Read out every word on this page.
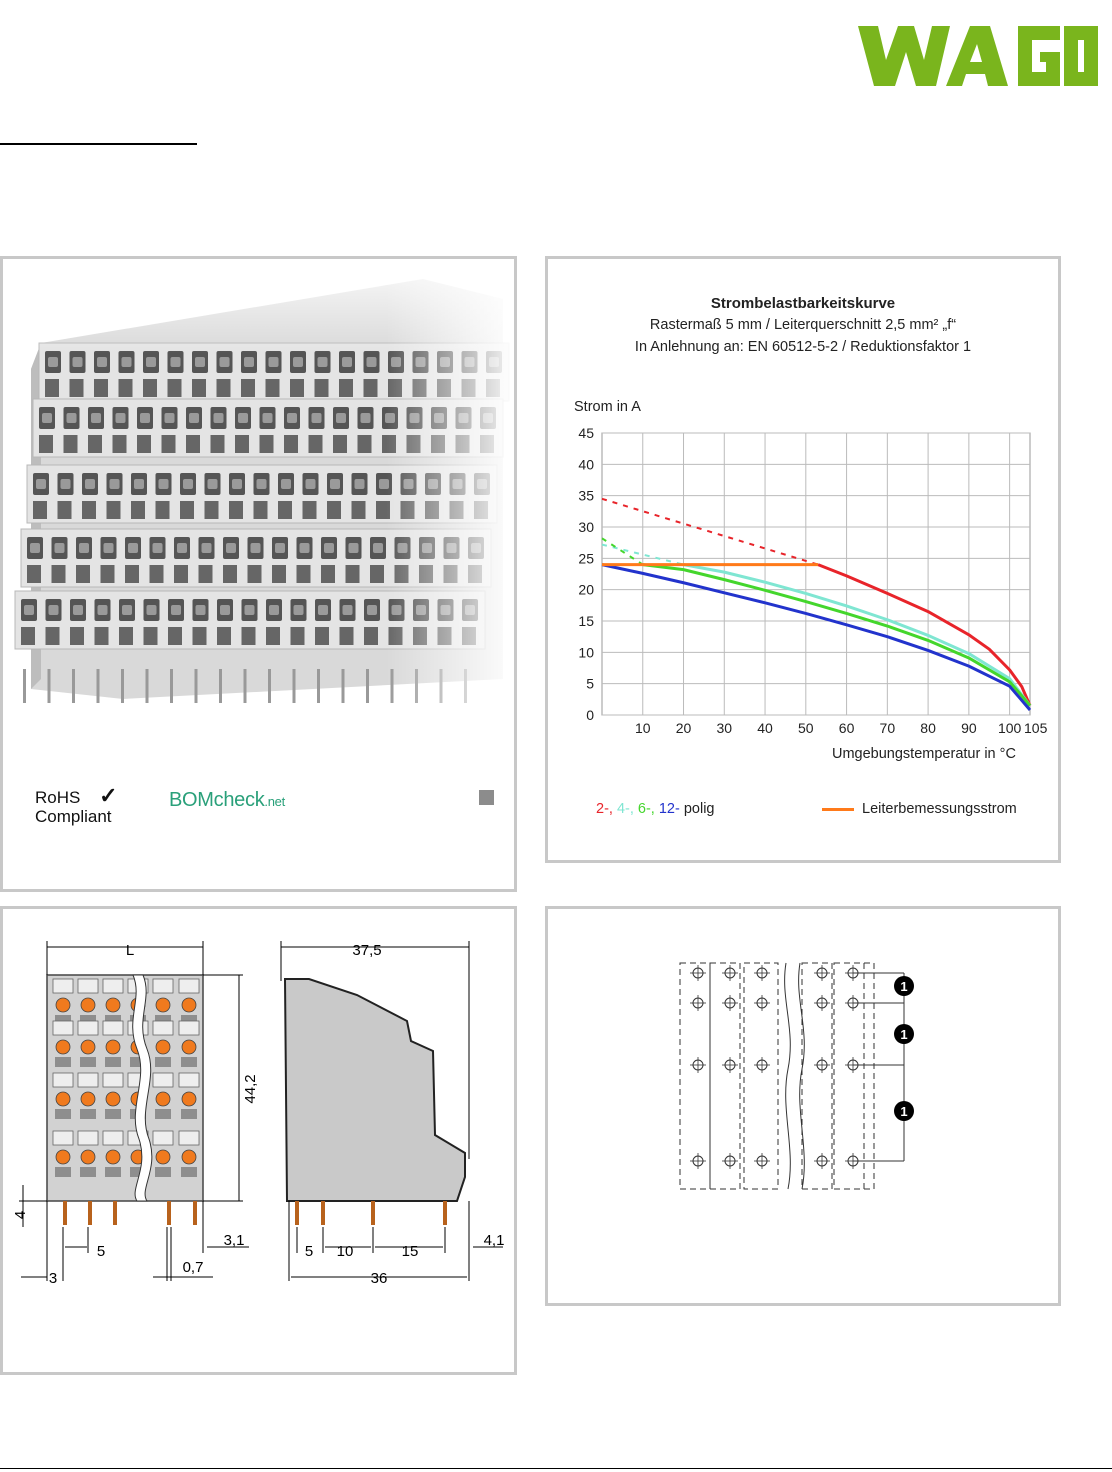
RoHS ✓
Compliant
BOMcheck.net
Strombelastbarkeitskurve
Rastermaß 5 mm / Leiterquerschnitt 2,5 mm² „f“
In Anlehnung an: EN 60512-5-2 / Reduktionsfaktor 1
Strom in A
Umgebungstemperatur in °C
0
5
10
15
20
25
30
35
40
45
10 20 30 40 50 60 70 80 90 100 105
2-, 4-, 6-, 12- polig	Leiterbemessungsstrom
L
44,2
4
5
3,1
3
0,7
37,5
5 10	15
4,1
36
1
1
1
